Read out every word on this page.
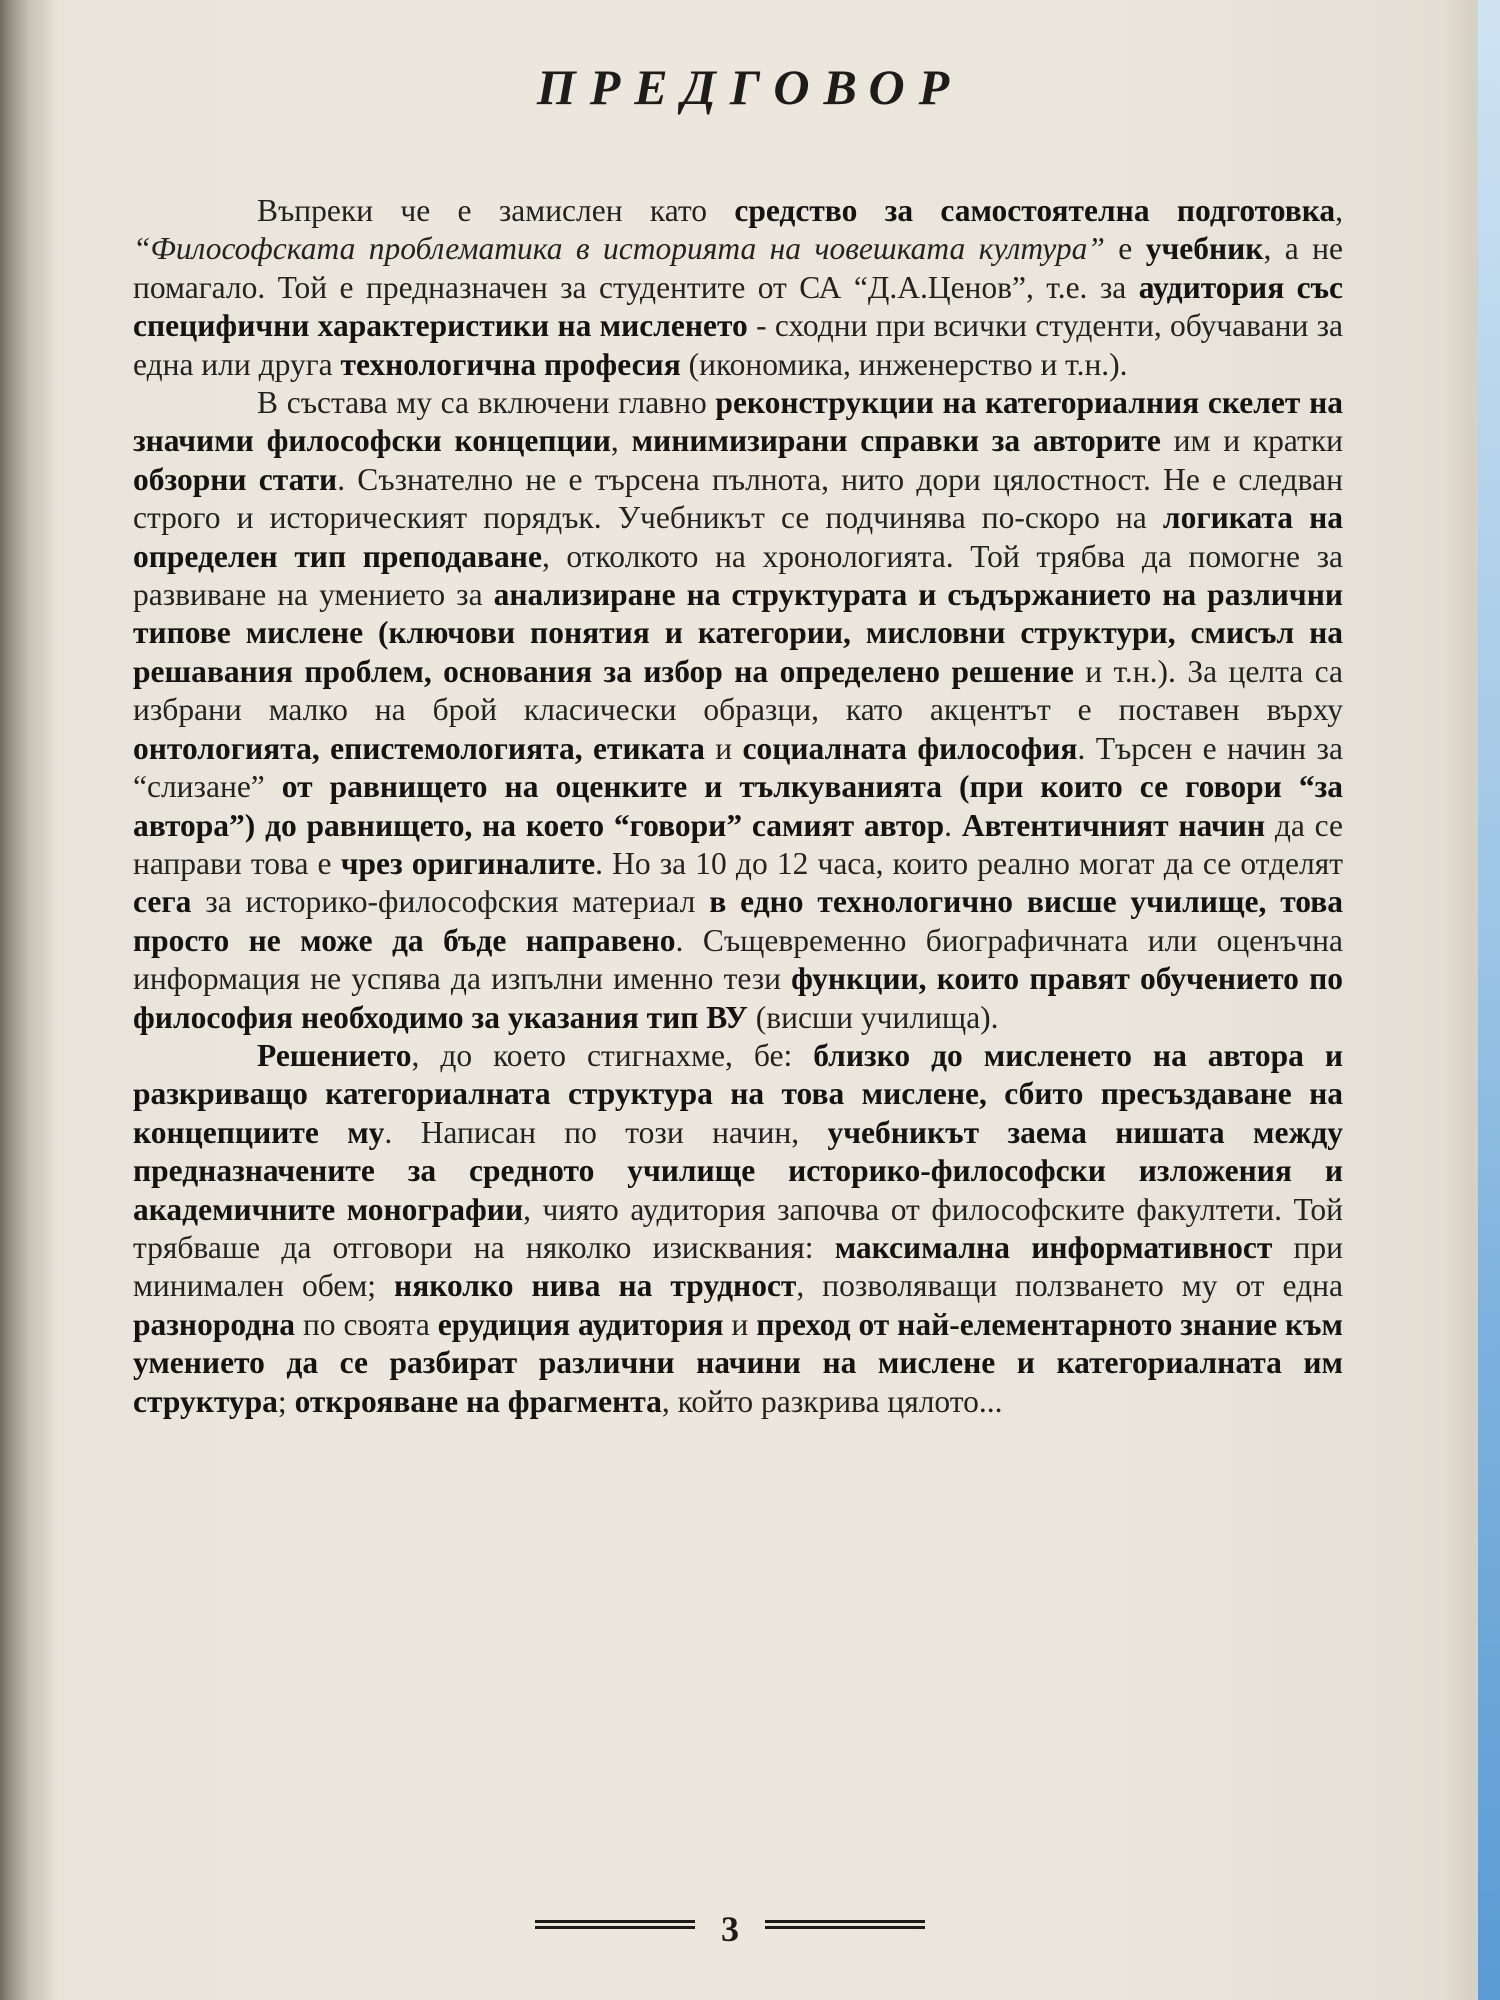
ПРЕДГОВОР

Въпреки че е замислен като средство за самостоятелна подготовка, “Философската проблематика в историята на човешката култура” е учебник, а не помагало. Той е предназначен за студентите от СА “Д.А.Ценов”, т.е. за аудитория със специфични характеристики на мисленето - сходни при всички студенти, обучавани за една или друга технологична професия (икономика, инженерство и т.н.).

В състава му са включени главно реконструкции на категориалния скелет на значими философски концепции, минимизирани справки за авторите им и кратки обзорни стати. Съзнателно не е търсена пълнота, нито дори цялостност. Не е следван строго и историческият порядък. Учебникът се подчинява по-скоро на логиката на определен тип преподаване, отколкото на хронологията. Той трябва да помогне за развиване на умението за анализиране на структурата и съдържанието на различни типове мислене (ключови понятия и категории, мисловни структури, смисъл на решавания проблем, основания за избор на определено решение и т.н.). За целта са избрани малко на брой класически образци, като акцентът е поставен върху онтологията, епистемологията, етиката и социалната философия. Търсен е начин за “слизане” от равнището на оценките и тълкуванията (при които се говори “за автора”) до равнището, на което “говори” самият автор. Автентичният начин да се направи това е чрез оригиналите. Но за 10 до 12 часа, които реално могат да се отделят сега за историко-философския материал в едно технологично висше училище, това просто не може да бъде направено. Същевременно биографичната или оценъчна информация не успява да изпълни именно тези функции, които правят обучението по философия необходимо за указания тип ВУ (висши училища).

Решението, до което стигнахме, бе: близко до мисленето на автора и разкриващо категориалната структура на това мислене, сбито пресъздаване на концепциите му. Написан по този начин, учебникът заема нишата между предназначените за средното училище историко-философски изложения и академичните монографии, чиято аудитория започва от философските факултети. Той трябваше да отговори на няколко изисквания: максимална информативност при минимален обем; няколко нива на трудност, позволяващи ползването му от една разнородна по своята ерудиция аудитория и преход от най-елементарното знание към умението да се разбират различни начини на мислене и категориалната им структура; открояване на фрагмента, който разкрива цялото...

3
